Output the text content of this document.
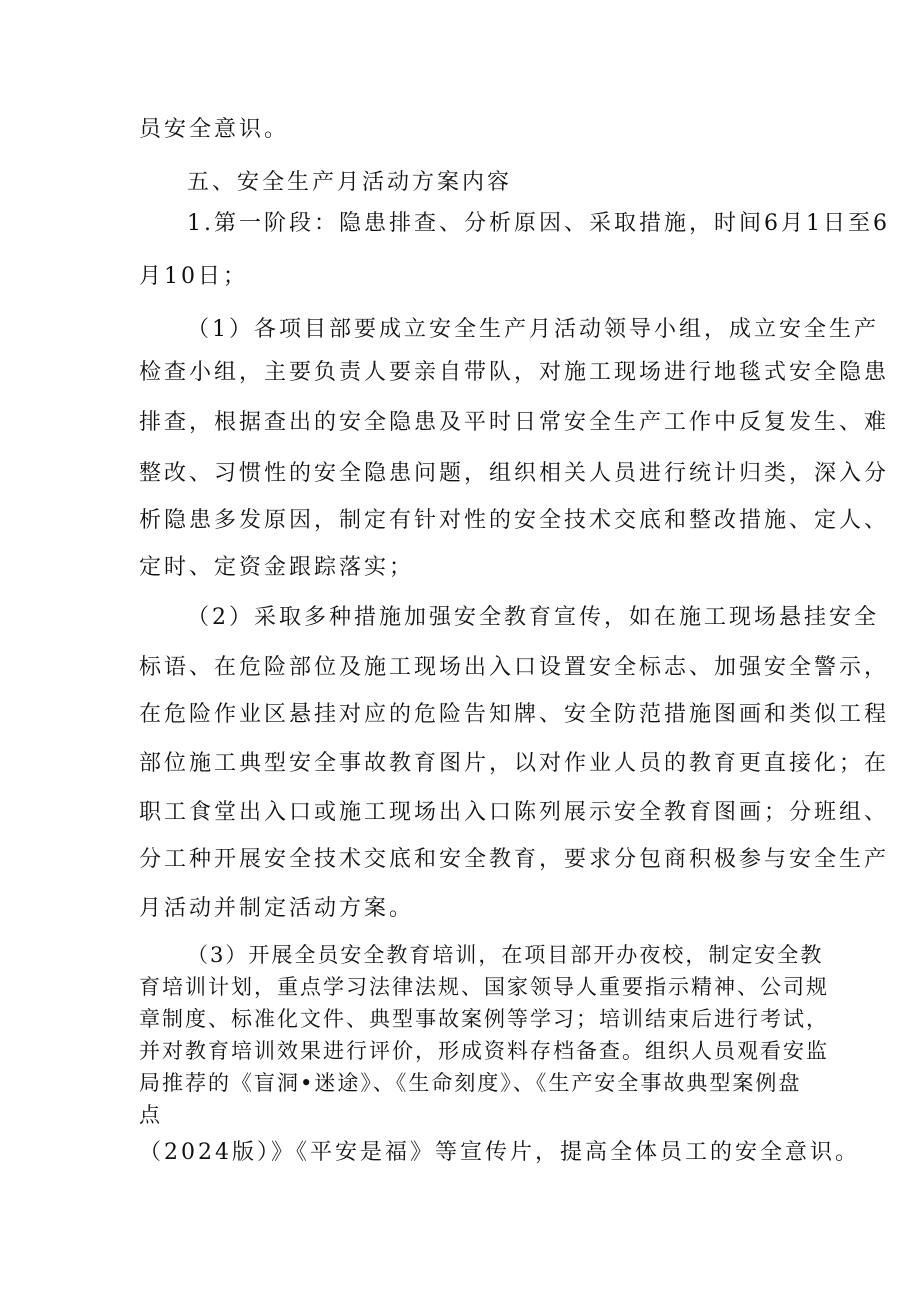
员安全意识。
五、安全生产月活动方案内容
1.第一阶段：隐患排查、分析原因、采取措施，时间6月1日至6
月10日；
（1）各项目部要成立安全生产月活动领导小组，成立安全生产
检查小组，主要负责人要亲自带队，对施工现场进行地毯式安全隐患
排查，根据查出的安全隐患及平时日常安全生产工作中反复发生、难
整改、习惯性的安全隐患问题，组织相关人员进行统计归类，深入分
析隐患多发原因，制定有针对性的安全技术交底和整改措施、定人、
定时、定资金跟踪落实；
（2）采取多种措施加强安全教育宣传，如在施工现场悬挂安全
标语、在危险部位及施工现场出入口设置安全标志、加强安全警示，
在危险作业区悬挂对应的危险告知牌、安全防范措施图画和类似工程
部位施工典型安全事故教育图片，以对作业人员的教育更直接化；在
职工食堂出入口或施工现场出入口陈列展示安全教育图画；分班组、
分工种开展安全技术交底和安全教育，要求分包商积极参与安全生产
月活动并制定活动方案。
（3）开展全员安全教育培训，在项目部开办夜校，制定安全教
育培训计划，重点学习法律法规、国家领导人重要指示精神、公司规
章制度、标准化文件、典型事故案例等学习；培训结束后进行考试，
并对教育培训效果进行评价，形成资料存档备查。组织人员观看安监
局推荐的《盲洞•迷途》、《生命刻度》、《生产安全事故典型案例盘
点
（2024版）》《平安是福》等宣传片，提高全体员工的安全意识。
